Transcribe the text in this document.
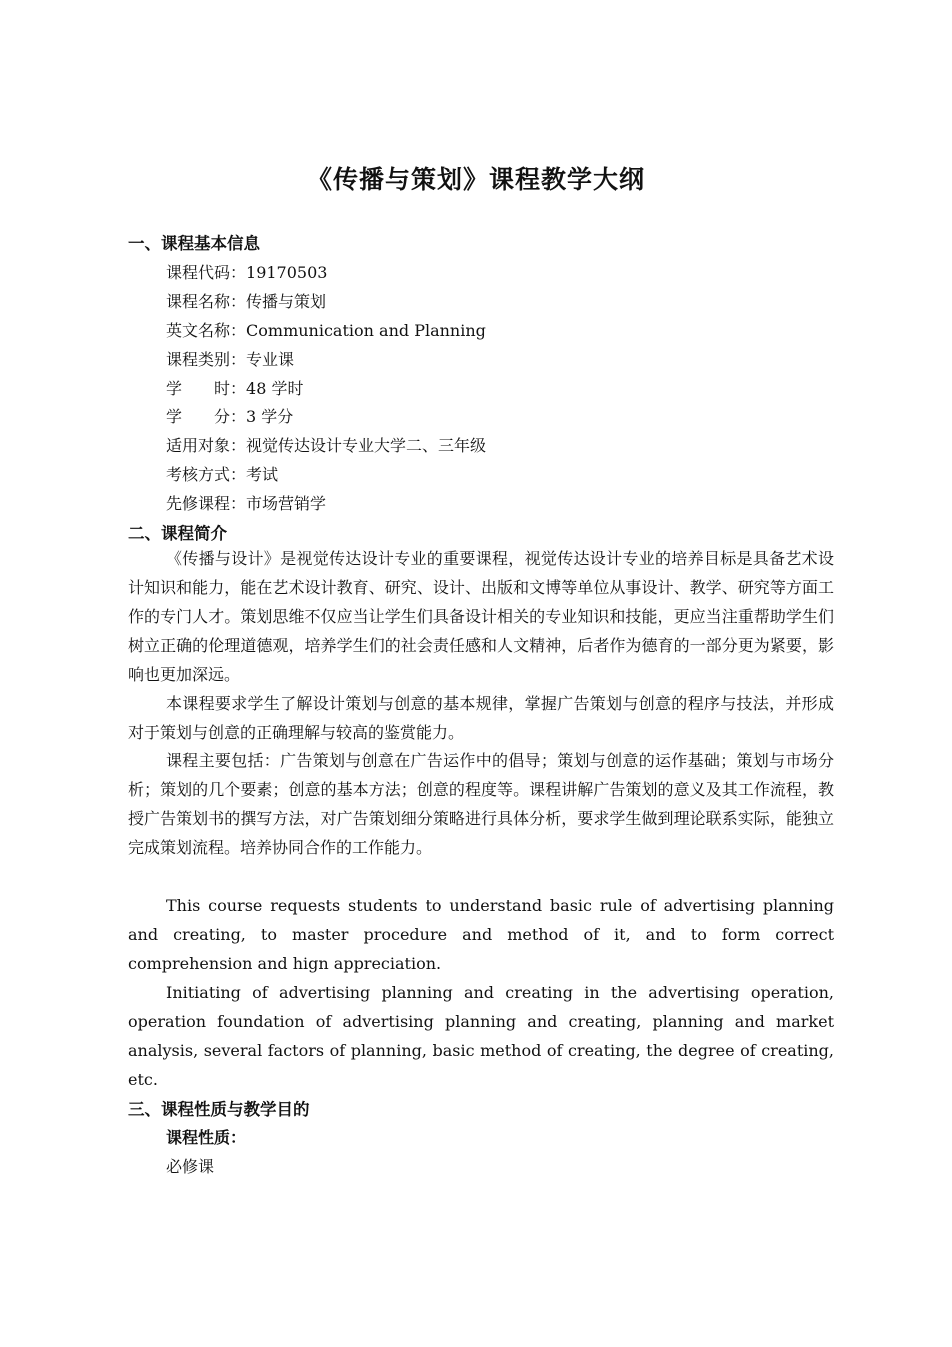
《传播与策划》课程教学大纲
一、课程基本信息
课程代码：19170503
课程名称：传播与策划
英文名称：Communication and Planning
课程类别：专业课
学　　时：48 学时
学　　分：3 学分
适用对象：视觉传达设计专业大学二、三年级
考核方式：考试
先修课程：市场营销学
二、课程简介

《传播与设计》是视觉传达设计专业的重要课程，视觉传达设计专业的培养目标是具备艺术设计知识和能力，能在艺术设计教育、研究、设计、出版和文博等单位从事设计、教学、研究等方面工作的专门人才。策划思维不仅应当让学生们具备设计相关的专业知识和技能，更应当注重帮助学生们树立正确的伦理道德观，培养学生们的社会责任感和人文精神，后者作为德育的一部分更为紧要，影响也更加深远。

本课程要求学生了解设计策划与创意的基本规律，掌握广告策划与创意的程序与技法，并形成对于策划与创意的正确理解与较高的鉴赏能力。

课程主要包括：广告策划与创意在广告运作中的倡导；策划与创意的运作基础；策划与市场分析；策划的几个要素；创意的基本方法；创意的程度等。课程讲解广告策划的意义及其工作流程，教授广告策划书的撰写方法，对广告策划细分策略进行具体分析，要求学生做到理论联系实际，能独立完成策划流程。培养协同合作的工作能力。

This course requests students to understand basic rule of advertising planning and creating, to master procedure and method of it, and to form correct comprehension and hign appreciation.

Initiating of advertising planning and creating in the advertising operation, operation foundation of advertising planning and creating, planning and market analysis, several factors of planning, basic method of creating, the degree of creating, etc.

三、课程性质与教学目的
课程性质：
必修课
